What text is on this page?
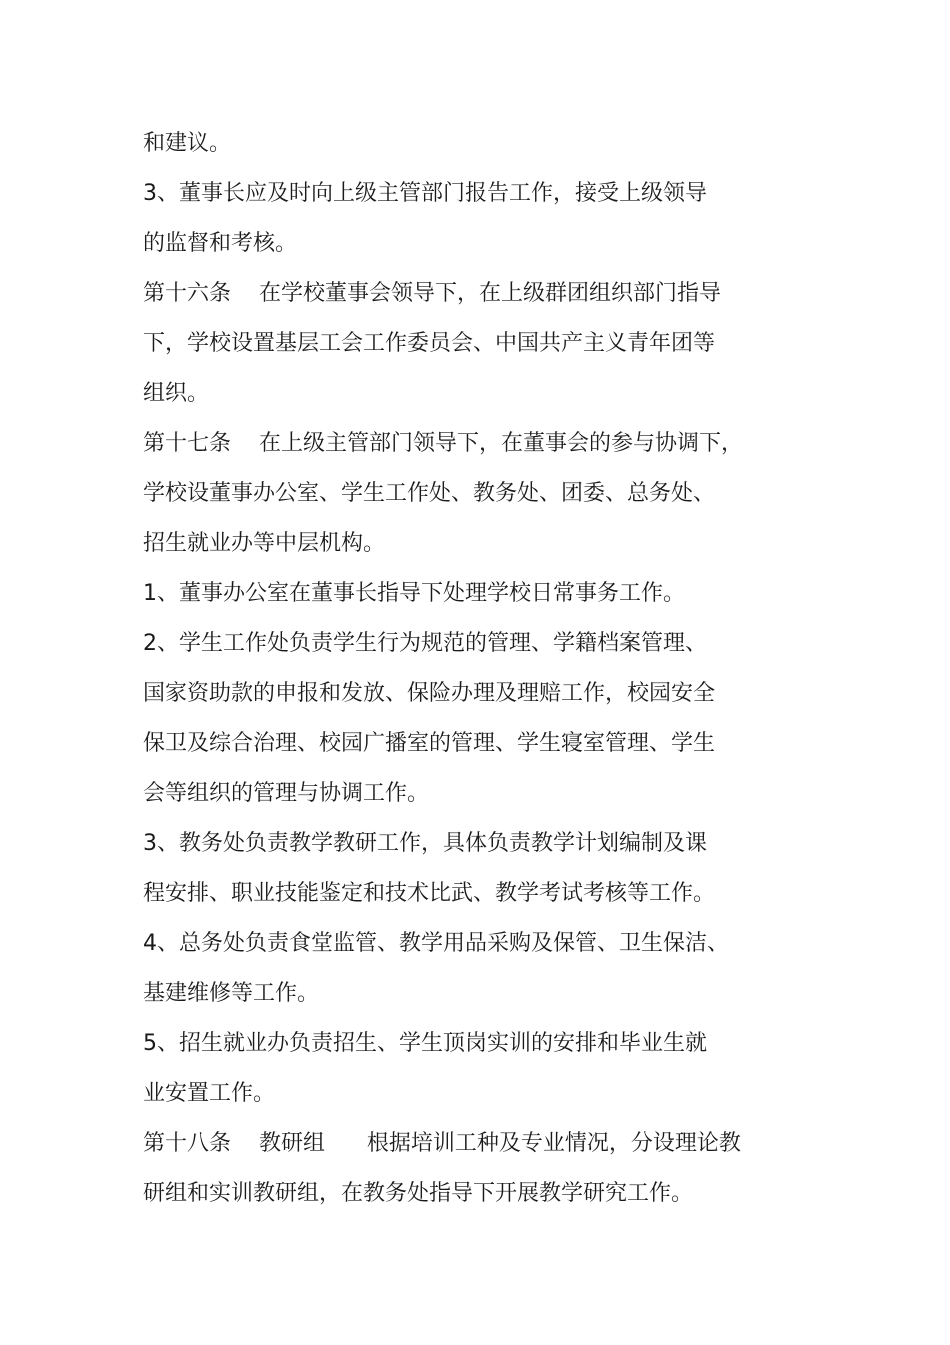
和建议。
3、董事长应及时向上级主管部门报告工作，接受上级领导
的监督和考核。
第十六条    在学校董事会领导下，在上级群团组织部门指导
下，学校设置基层工会工作委员会、中国共产主义青年团等
组织。
第十七条    在上级主管部门领导下，在董事会的参与协调下，
学校设董事办公室、学生工作处、教务处、团委、总务处、
招生就业办等中层机构。
1、董事办公室在董事长指导下处理学校日常事务工作。
2、学生工作处负责学生行为规范的管理、学籍档案管理、
国家资助款的申报和发放、保险办理及理赔工作，校园安全
保卫及综合治理、校园广播室的管理、学生寝室管理、学生
会等组织的管理与协调工作。
3、教务处负责教学教研工作，具体负责教学计划编制及课
程安排、职业技能鉴定和技术比武、教学考试考核等工作。
4、总务处负责食堂监管、教学用品采购及保管、卫生保洁、
基建维修等工作。
5、招生就业办负责招生、学生顶岗实训的安排和毕业生就
业安置工作。
第十八条    教研组      根据培训工种及专业情况，分设理论教
研组和实训教研组，在教务处指导下开展教学研究工作。
